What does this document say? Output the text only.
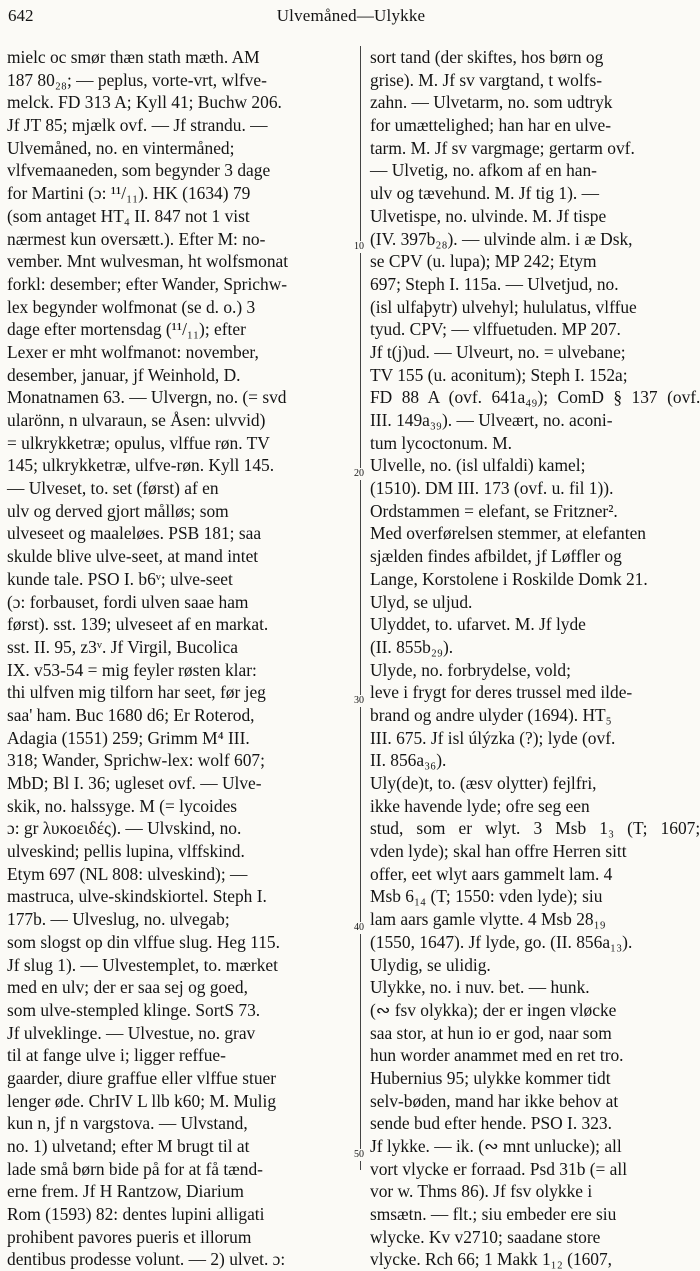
642	Ulvemåned—Ulykke
mielc oc smør thæn stath mæth. AM
187 80₂₈; — peplus, vorte-vrt, wlfve-
melck. FD 313 A; Kyll 41; Buchw 206.
Jf JT 85; mjælk ovf. — Jf strandu. —
Ulvemåned, no. en vintermåned;
vlfvemaaneden, som begynder 3 dage
for Martini (ɔ: ¹¹/₁₁). HK (1634) 79
(som antaget HT₄ II. 847 not 1 vist
nærmest kun oversætt.). Efter M: no-
vember. Mnt wulvesman, ht wolfsmonat
forkl: desember; efter Wander, Sprichw-
lex begynder wolfmonat (se d. o.) 3
dage efter mortensdag (¹¹/₁₁); efter
Lexer er mht wolfmanot: november,
desember, januar, jf Weinhold, D.
Monatnamen 63. — Ulvergn, no. (= svd
ularönn, n ulvaraun, se Åsen: ulvvid)
= ulkrykketræ; opulus, vlffue røn. TV
145; ulkrykketræ, ulfve-røn. Kyll 145.
— Ulveset, to. set (først) af en
ulv og derved gjort målløs; som
ulveseet og maaleløes. PSB 181; saa
skulde blive ulve-seet, at mand intet
kunde tale. PSO I. b6ᵛ; ulve-seet
(ɔ: forbauset, fordi ulven saae ham
først). sst. 139; ulveseet af en markat.
sst. II. 95, z3ᵛ. Jf Virgil, Bucolica
IX. v53-54 = mig feyler røsten klar:
thi ulfven mig tilforn har seet, før jeg
saa' ham. Buc 1680 d6; Er Roterod,
Adagia (1551) 259; Grimm M⁴ III.
318; Wander, Sprichw-lex: wolf 607;
MbD; Bl I. 36; ugleset ovf. — Ulve-
skik, no. halssyge. M (= lycoides
ɔ: gr λυκοειδές). — Ulvskind, no.
ulveskind; pellis lupina, vlffskind.
Etym 697 (NL 808: ulveskind); —
mastruca, ulve-skindskiortel. Steph I.
177b. — Ulveslug, no. ulvegab;
som slogst op din vlffue slug. Heg 115.
Jf slug 1). — Ulvestemplet, to. mærket
med en ulv; der er saa sej og goed,
som ulve-stempled klinge. SortS 73.
Jf ulveklinge. — Ulvestue, no. grav
til at fange ulve i; ligger reffue-
gaarder, diure graffue eller vlffue stuer
lenger øde. ChrIV L llb k60; M. Mulig
kun n, jf n vargstova. — Ulvstand,
no. 1) ulvetand; efter M brugt til at
lade små børn bide på for at få tænd-
erne frem. Jf H Rantzow, Diarium
Rom (1593) 82: dentes lupini alligati
prohibent pavores pueris et illorum
dentibus prodesse volunt. — 2) ulvet. ɔ:
sort tand (der skiftes, hos børn og
grise). M. Jf sv vargtand, t wolfs-
zahn. — Ulvetarm, no. som udtryk
for umættelighed; han har en ulve-
tarm. M. Jf sv vargmage; gertarm ovf.
— Ulvetig, no. afkom af en han-
ulv og tævehund. M. Jf tig 1). —
Ulvetispe, no. ulvinde. M. Jf tispe
(IV. 397b₂₈). — ulvinde alm. i æ Dsk,
se CPV (u. lupa); MP 242; Etym
697; Steph I. 115a. — Ulvetjud, no.
(isl ulfaþytr) ulvehyl; hululatus, vlffue
tyud. CPV; — vlffuetuden. MP 207.
Jf t(j)ud. — Ulveurt, no. = ulvebane;
TV 155 (u. aconitum); Steph I. 152a;
FD 88 A (ovf. 641a₄₉); ComD § 137 (ovf.
III. 149a₃₉). — Ulveært, no. aconi-
tum lycoctonum. M.
Ulvelle, no. (isl ulfaldi) kamel;
(1510). DM III. 173 (ovf. u. fil 1)).
Ordstammen = elefant, se Fritzner².
Med overførelsen stemmer, at elefanten
sjælden findes afbildet, jf Løffler og
Lange, Korstolene i Roskilde Domk 21.
Ulyd, se uljud.
Ulyddet, to. ufarvet. M. Jf lyde
(II. 855b₂₉).
Ulyde, no. forbrydelse, vold;
leve i frygt for deres trussel med ilde-
brand og andre ulyder (1694). HT₅
III. 675. Jf isl úlýzka (?); lyde (ovf.
II. 856a₃₆).
Uly(de)t, to. (æsv olytter) fejlfri,
ikke havende lyde; ofre seg een
stud, som er wlyt. 3 Msb 1₃ (T; 1607;
vden lyde); skal han offre Herren sitt
offer, eet wlyt aars gammelt lam. 4
Msb 6₁₄ (T; 1550: vden lyde); siu
lam aars gamle vlytte. 4 Msb 28₁₉
(1550, 1647). Jf lyde, go. (II. 856a₁₃).
Ulydig, se ulidig.
Ulykke, no. i nuv. bet. — hunk.
(∾ fsv olykka); der er ingen vløcke
saa stor, at hun io er god, naar som
hun worder anammet med en ret tro.
Hubernius 95; ulykke kommer tidt
selv-bøden, mand har ikke behov at
sende bud efter hende. PSO I. 323.
Jf lykke. — ik. (∾ mnt unlucke); all
vort vlycke er forraad. Psd 31b (= all
vor w. Thms 86). Jf fsv olykke i
smsætn. — flt.; siu embeder ere siu
wlycke. Kv v2710; saadane store
vlycke. Rch 66; 1 Makk 1₁₂ (1607,
10
20
30
40
50
